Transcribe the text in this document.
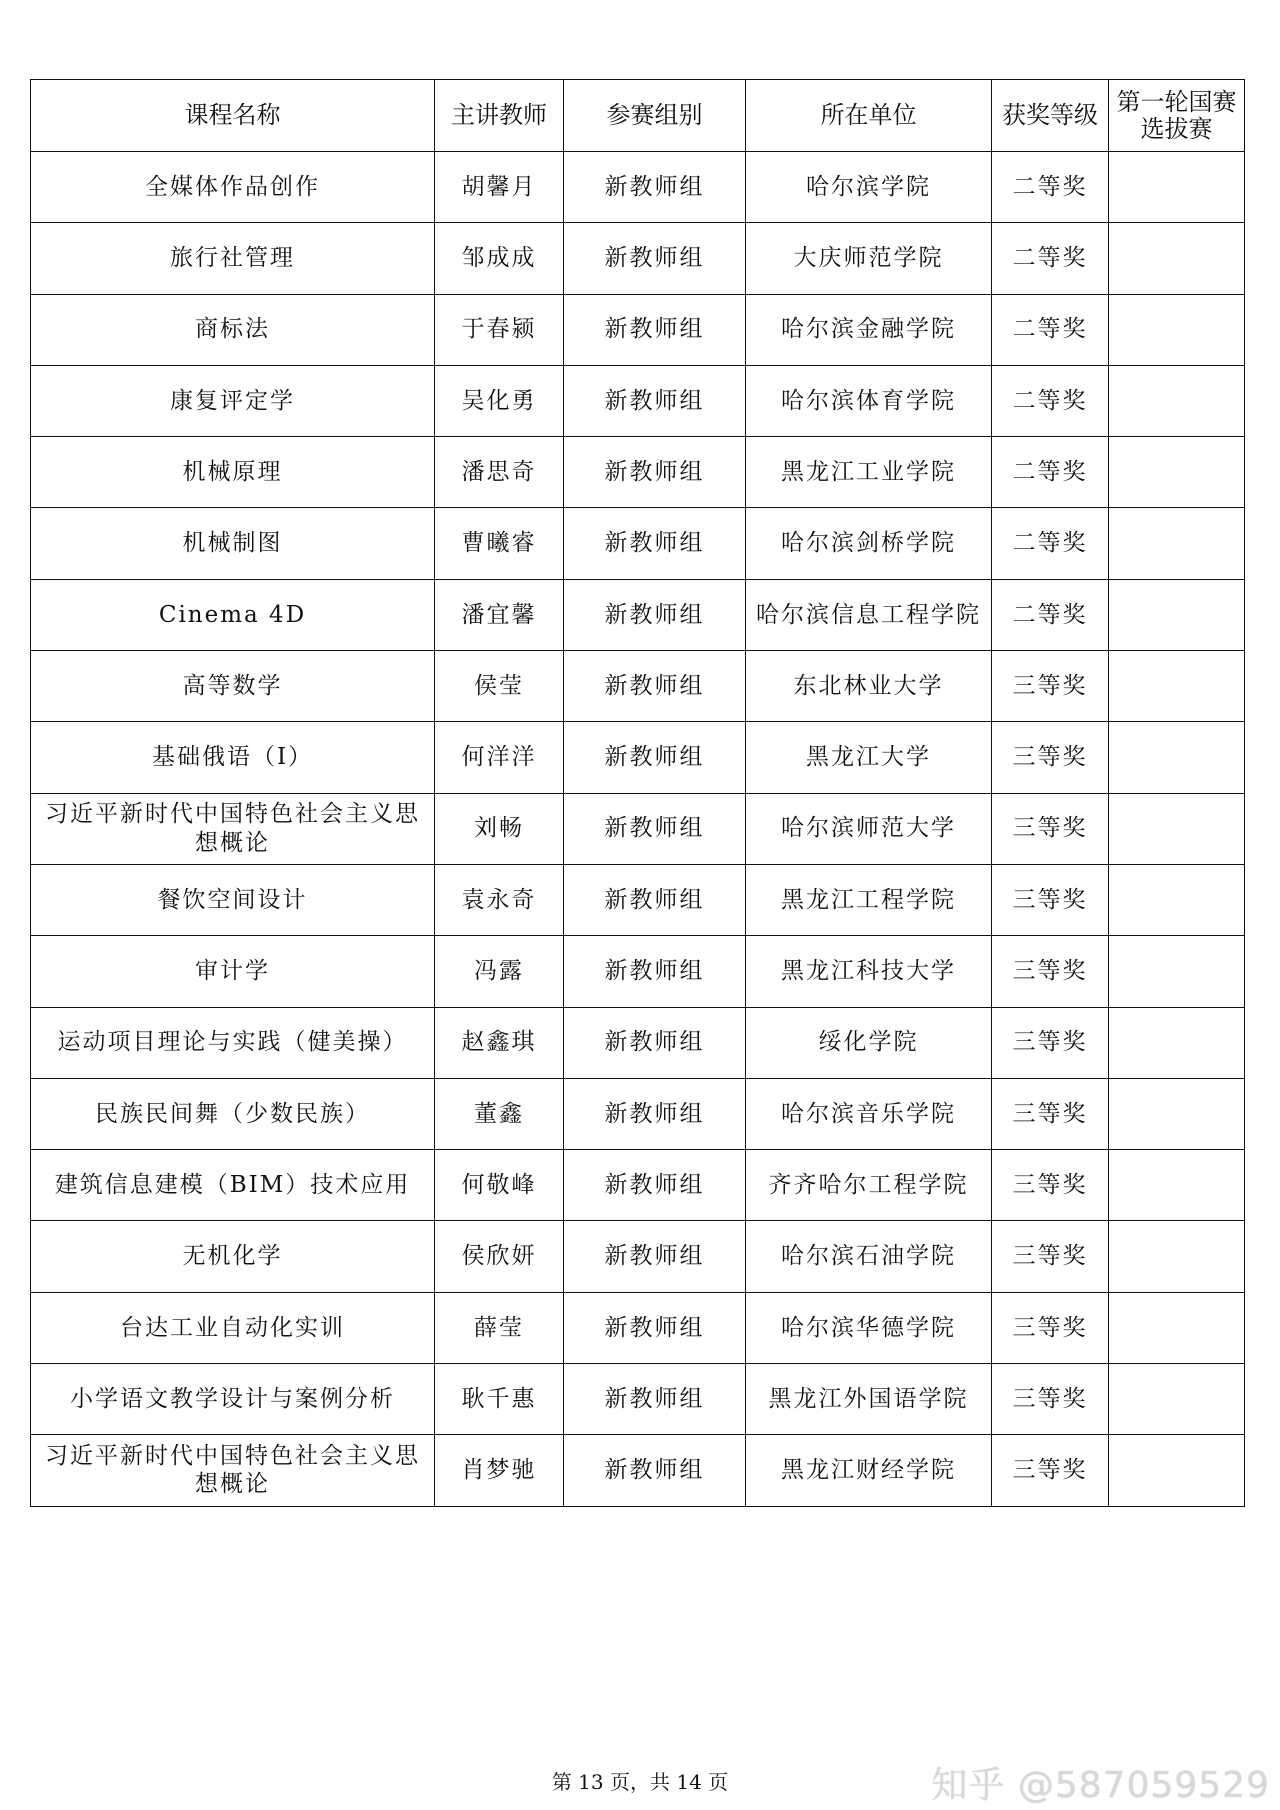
课程名称	主讲教师	参赛组别	所在单位	获奖等级	第一轮国赛选拔赛
全媒体作品创作	胡馨月	新教师组	哈尔滨学院	二等奖	
旅行社管理	邹成成	新教师组	大庆师范学院	二等奖	
商标法	于春颍	新教师组	哈尔滨金融学院	二等奖	
康复评定学	吴化勇	新教师组	哈尔滨体育学院	二等奖	
机械原理	潘思奇	新教师组	黑龙江工业学院	二等奖	
机械制图	曹曦睿	新教师组	哈尔滨剑桥学院	二等奖	
Cinema 4D	潘宜馨	新教师组	哈尔滨信息工程学院	二等奖	
高等数学	侯莹	新教师组	东北林业大学	三等奖	
基础俄语（Ⅰ）	何洋洋	新教师组	黑龙江大学	三等奖	
习近平新时代中国特色社会主义思想概论	刘畅	新教师组	哈尔滨师范大学	三等奖	
餐饮空间设计	袁永奇	新教师组	黑龙江工程学院	三等奖	
审计学	冯露	新教师组	黑龙江科技大学	三等奖	
运动项目理论与实践（健美操）	赵鑫琪	新教师组	绥化学院	三等奖	
民族民间舞（少数民族）	董鑫	新教师组	哈尔滨音乐学院	三等奖	
建筑信息建模（BIM）技术应用	何敬峰	新教师组	齐齐哈尔工程学院	三等奖	
无机化学	侯欣妍	新教师组	哈尔滨石油学院	三等奖	
台达工业自动化实训	薛莹	新教师组	哈尔滨华德学院	三等奖	
小学语文教学设计与案例分析	耿千惠	新教师组	黑龙江外国语学院	三等奖	
习近平新时代中国特色社会主义思想概论	肖梦驰	新教师组	黑龙江财经学院	三等奖	
第 13 页，共 14 页	知乎 @587059529
